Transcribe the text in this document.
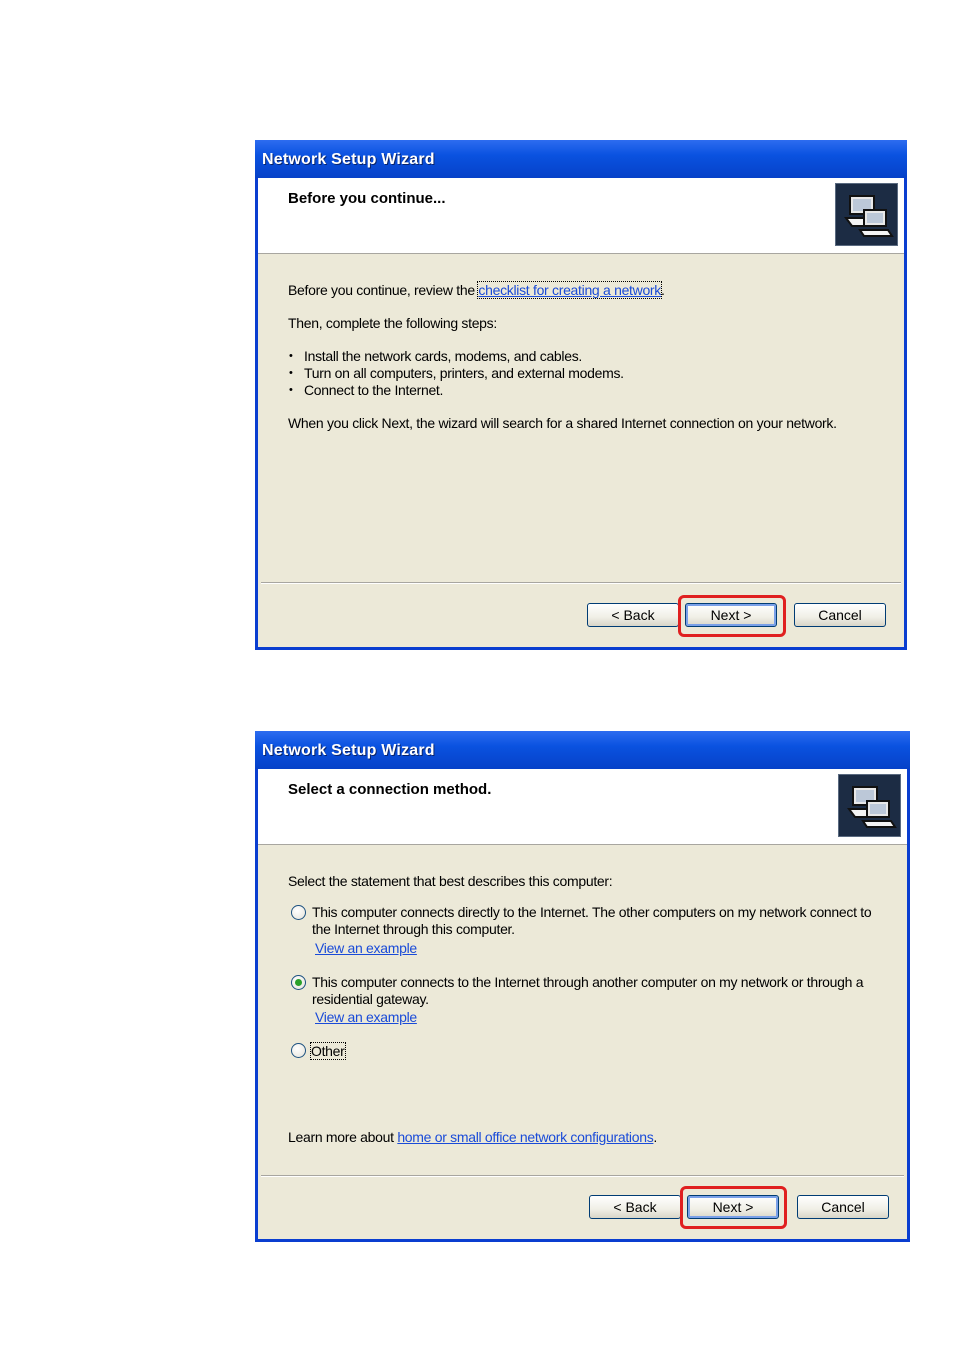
Network Setup Wizard
Before you continue...

Before you continue, review the checklist for creating a network.

Then, complete the following steps:

• Install the network cards, modems, and cables.
• Turn on all computers, printers, and external modems.
• Connect to the Internet.

When you click Next, the wizard will search for a shared Internet connection on your network.

< Back	Next >	Cancel
Network Setup Wizard
Select a connection method.

Select the statement that best describes this computer:

This computer connects directly to the Internet. The other computers on my network connect to the Internet through this computer.
View an example
This computer connects to the Internet through another computer on my network or through a residential gateway.
View an example
Other
Learn more about home or small office network configurations.
< Back	Next >	Cancel
